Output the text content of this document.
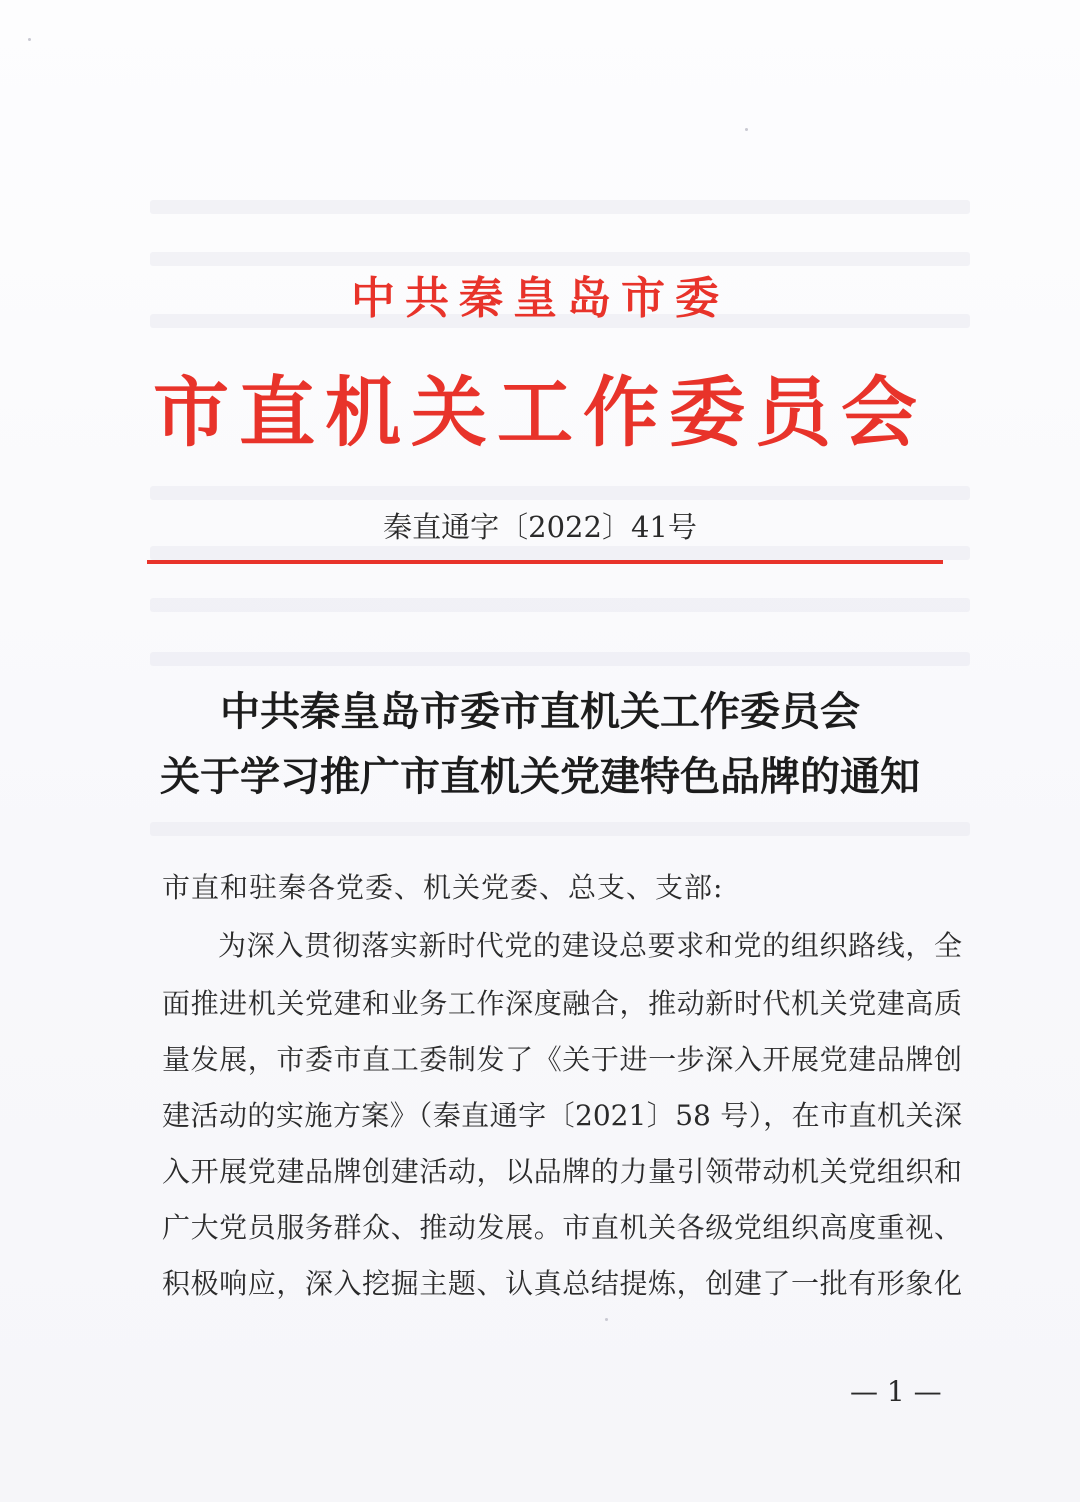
中共秦皇岛市委
市直机关工作委员会
秦直通字〔2022〕41号
中共秦皇岛市委市直机关工作委员会
关于学习推广市直机关党建特色品牌的通知
市直和驻秦各党委、机关党委、总支、支部:
为深入贯彻落实新时代党的建设总要求和党的组织路线，全
面推进机关党建和业务工作深度融合，推动新时代机关党建高质
量发展，市委市直工委制发了《关于进一步深入开展党建品牌创
建活动的实施方案》（秦直通字〔2021〕58 号），在市直机关深
入开展党建品牌创建活动，以品牌的力量引领带动机关党组织和
广大党员服务群众、推动发展。市直机关各级党组织高度重视、
积极响应，深入挖掘主题、认真总结提炼，创建了一批有形象化
— 1 —
